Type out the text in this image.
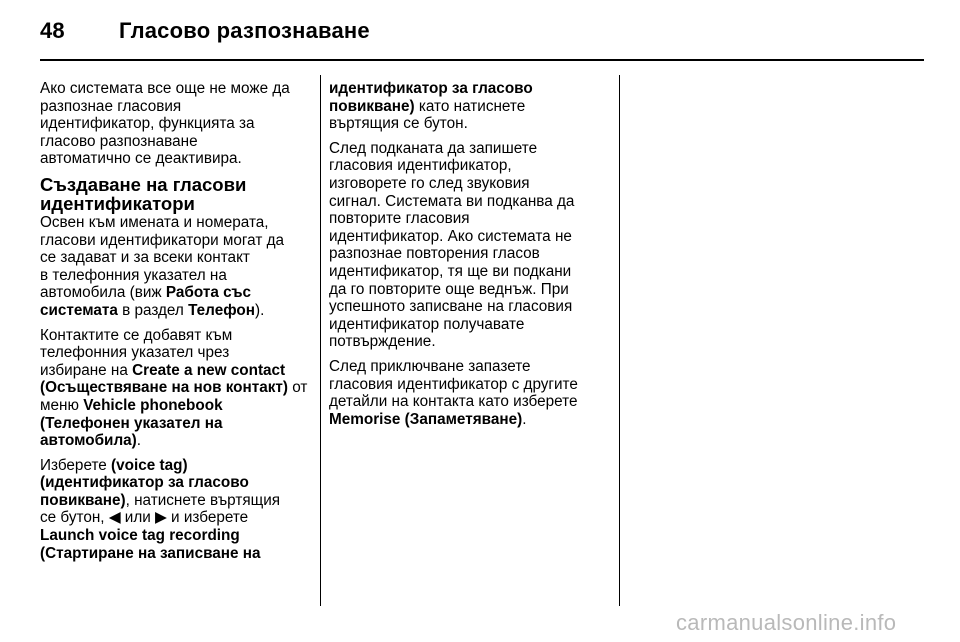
48 Гласово разпознаване

Ако системата все още не може да
разпознае гласовия
идентификатор, функцията за
гласово разпознаване
автоматично се деактивира.

Създаване на гласови
идентификатори

Освен към имената и номерата,
гласови идентификатори могат да
се задават и за всеки контакт
в телефонния указател на
автомобила (виж Работа със
системата в раздел Телефон).

Контактите се добавят към
телефонния указател чрез
избиране на Create a new contact
(Осъществяване на нов контакт) от
меню Vehicle phonebook
(Телефонен указател на
автомобила).

Изберете (voice tag)
(идентификатор за гласово
повикване), натиснете въртящия
се бутон, ◀ или ▶ и изберете
Launch voice tag recording
(Стартиране на записване на

идентификатор за гласово
повикване) като натиснете
въртящия се бутон.

След подканата да запишете
гласовия идентификатор,
изговорете го след звуковия
сигнал. Системата ви подканва да
повторите гласовия
идентификатор. Ако системата не
разпознае повторения гласов
идентификатор, тя ще ви подкани
да го повторите още веднъж. При
успешното записване на гласовия
идентификатор получавате
потвърждение.

След приключване запазете
гласовия идентификатор с другите
детайли на контакта като изберете
Memorise (Запаметяване).

carmanualsonline.info
